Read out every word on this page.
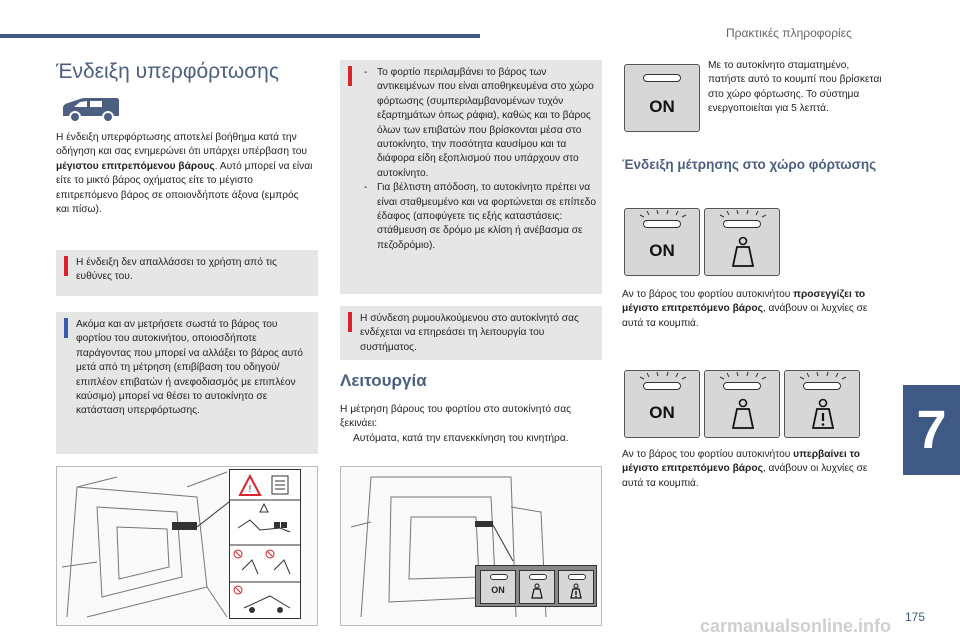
Πρακτικές πληροφορίες
Ένδειξη υπερφόρτωσης

Η ένδειξη υπερφόρτωσης αποτελεί βοήθημα κατά την οδήγηση και σας ενημερώνει ότι υπάρχει υπέρβαση του μέγιστου επιτρεπόμενου βάρους. Αυτό μπορεί να είναι είτε το μικτό βάρος οχήματος είτε το μέγιστο επιτρεπόμενο βάρος σε οποιονδήποτε άξονα (εμπρός και πίσω).

Η ένδειξη δεν απαλλάσσει το χρήστη από τις ευθύνες του.

Ακόμα και αν μετρήσετε σωστά το βάρος του φορτίου του αυτοκινήτου, οποιοσδήποτε παράγοντας που μπορεί να αλλάξει το βάρος αυτό μετά από τη μέτρηση (επιβίβαση του οδηγού/επιπλέον επιβατών ή ανεφοδιασμός με επιπλέον καύσιμο) μπορεί να θέσει το αυτοκίνητο σε κατάσταση υπερφόρτωσης.

!
- Το φορτίο περιλαμβάνει το βάρος των αντικειμένων που είναι αποθηκευμένα στο χώρο φόρτωσης (συμπεριλαμβανομένων τυχόν εξαρτημάτων όπως ράφια), καθώς και το βάρος όλων των επιβατών που βρίσκονται μέσα στο αυτοκίνητο, την ποσότητα καυσίμου και τα διάφορα είδη εξοπλισμού που υπάρχουν στο αυτοκίνητο.
- Για βέλτιστη απόδοση, το αυτοκίνητο πρέπει να είναι σταθμευμένο και να φορτώνεται σε επίπεδο έδαφος (αποφύγετε τις εξής καταστάσεις: στάθμευση σε δρόμο με κλίση ή ανέβασμα σε πεζοδρόμιο).

Η σύνδεση ρυμουλκούμενου στο αυτοκίνητό σας ενδέχεται να επηρεάσει τη λειτουργία του συστήματος.

Λειτουργία

Η μέτρηση βάρους του φορτίου στο αυτοκίνητό σας ξεκινάει:

Αυτόματα, κατά την επανεκκίνηση του κινητήρα.
ON
ON

Με το αυτοκίνητο σταματημένο, πατήστε αυτό το κουμπί που βρίσκεται στο χώρο φόρτωσης. Το σύστημα ενεργοποιείται για 5 λεπτά.

Ένδειξη μέτρησης στο χώρο φόρτωσης
ON

Αν το βάρος του φορτίου αυτοκινήτου προσεγγίζει το μέγιστο επιτρεπόμενο βάρος, ανάβουν οι λυχνίες σε αυτά τα κουμπιά.

ON

Αν το βάρος του φορτίου αυτοκινήτου υπερβαίνει το μέγιστο επιτρεπόμενο βάρος, ανάβουν οι λυχνίες σε αυτά τα κουμπιά.

7
175
carmanualsonline.info
